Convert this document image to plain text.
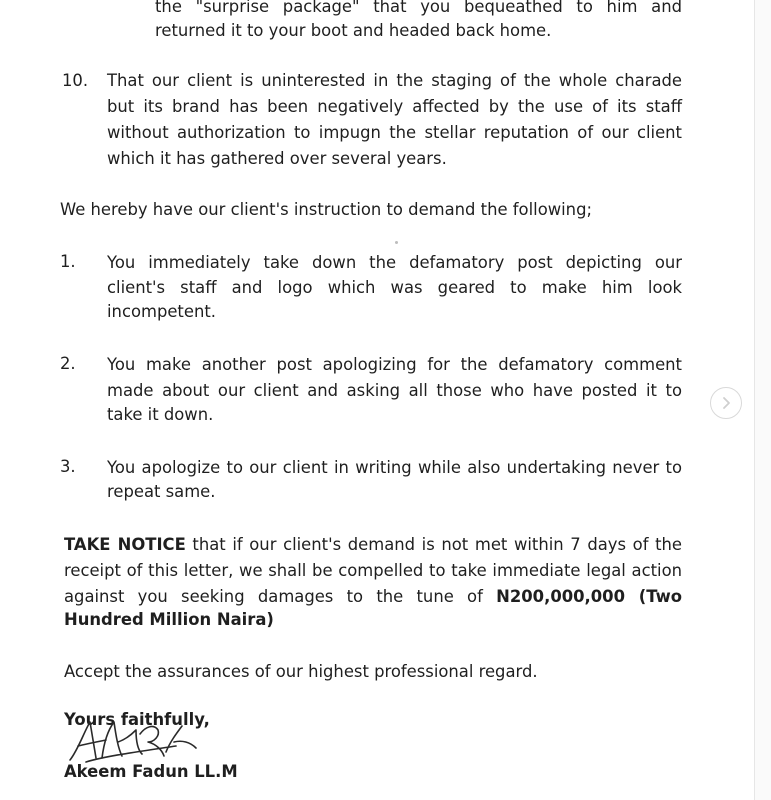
the "surprise package" that you bequeathed to him and
returned it to your boot and headed back home.
10. That our client is uninterested in the staging of the whole charade
but its brand has been negatively affected by the use of its staff
without authorization to impugn the stellar reputation of our client
which it has gathered over several years.
We hereby have our client's instruction to demand the following;
1. You immediately take down the defamatory post depicting our
client's staff and logo which was geared to make him look
incompetent.
2. You make another post apologizing for the defamatory comment
made about our client and asking all those who have posted it to
take it down.
3. You apologize to our client in writing while also undertaking never to
repeat same.
TAKE NOTICE that if our client's demand is not met within 7 days of the
receipt of this letter, we shall be compelled to take immediate legal action
against you seeking damages to the tune of N200,000,000 (Two
Hundred Million Naira)
Accept the assurances of our highest professional regard.
Yours faithfully,
Akeem Fadun LL.M
